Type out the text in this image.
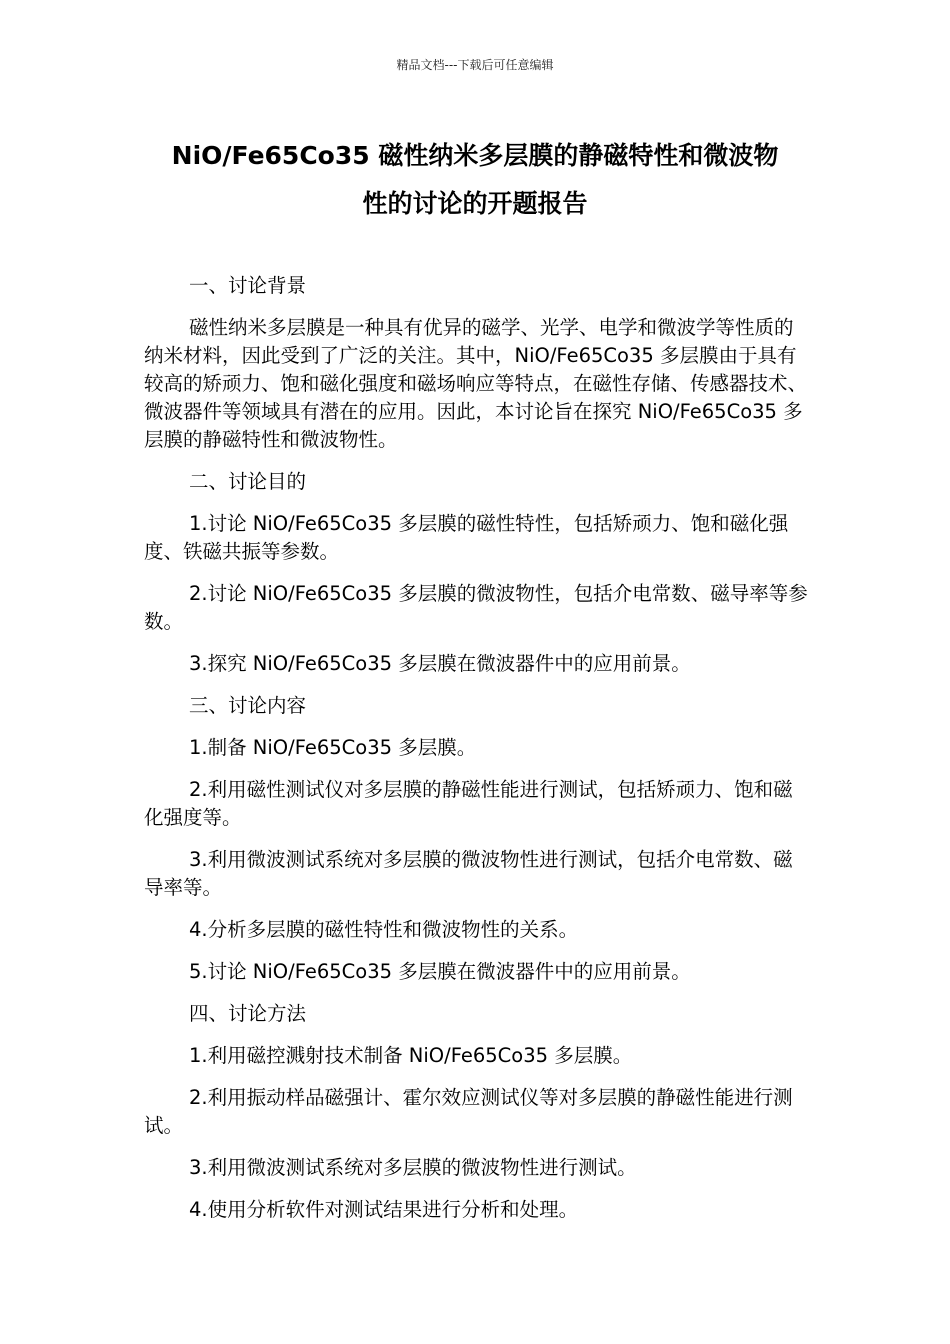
精品文档---下载后可任意编辑
NiO/Fe65Co35 磁性纳米多层膜的静磁特性和微波物
性的讨论的开题报告

一、讨论背景

磁性纳米多层膜是一种具有优异的磁学、光学、电学和微波学等性质的纳米材料，因此受到了广泛的关注。其中，NiO/Fe65Co35 多层膜由于具有较高的矫顽力、饱和磁化强度和磁场响应等特点，在磁性存储、传感器技术、微波器件等领域具有潜在的应用。因此，本讨论旨在探究 NiO/Fe65Co35 多层膜的静磁特性和微波物性。

二、讨论目的

1.讨论 NiO/Fe65Co35 多层膜的磁性特性，包括矫顽力、饱和磁化强度、铁磁共振等参数。

2.讨论 NiO/Fe65Co35 多层膜的微波物性，包括介电常数、磁导率等参数。

3.探究 NiO/Fe65Co35 多层膜在微波器件中的应用前景。

三、讨论内容

1.制备 NiO/Fe65Co35 多层膜。

2.利用磁性测试仪对多层膜的静磁性能进行测试，包括矫顽力、饱和磁化强度等。

3.利用微波测试系统对多层膜的微波物性进行测试，包括介电常数、磁导率等。

4.分析多层膜的磁性特性和微波物性的关系。

5.讨论 NiO/Fe65Co35 多层膜在微波器件中的应用前景。

四、讨论方法

1.利用磁控溅射技术制备 NiO/Fe65Co35 多层膜。

2.利用振动样品磁强计、霍尔效应测试仪等对多层膜的静磁性能进行测试。

3.利用微波测试系统对多层膜的微波物性进行测试。

4.使用分析软件对测试结果进行分析和处理。
